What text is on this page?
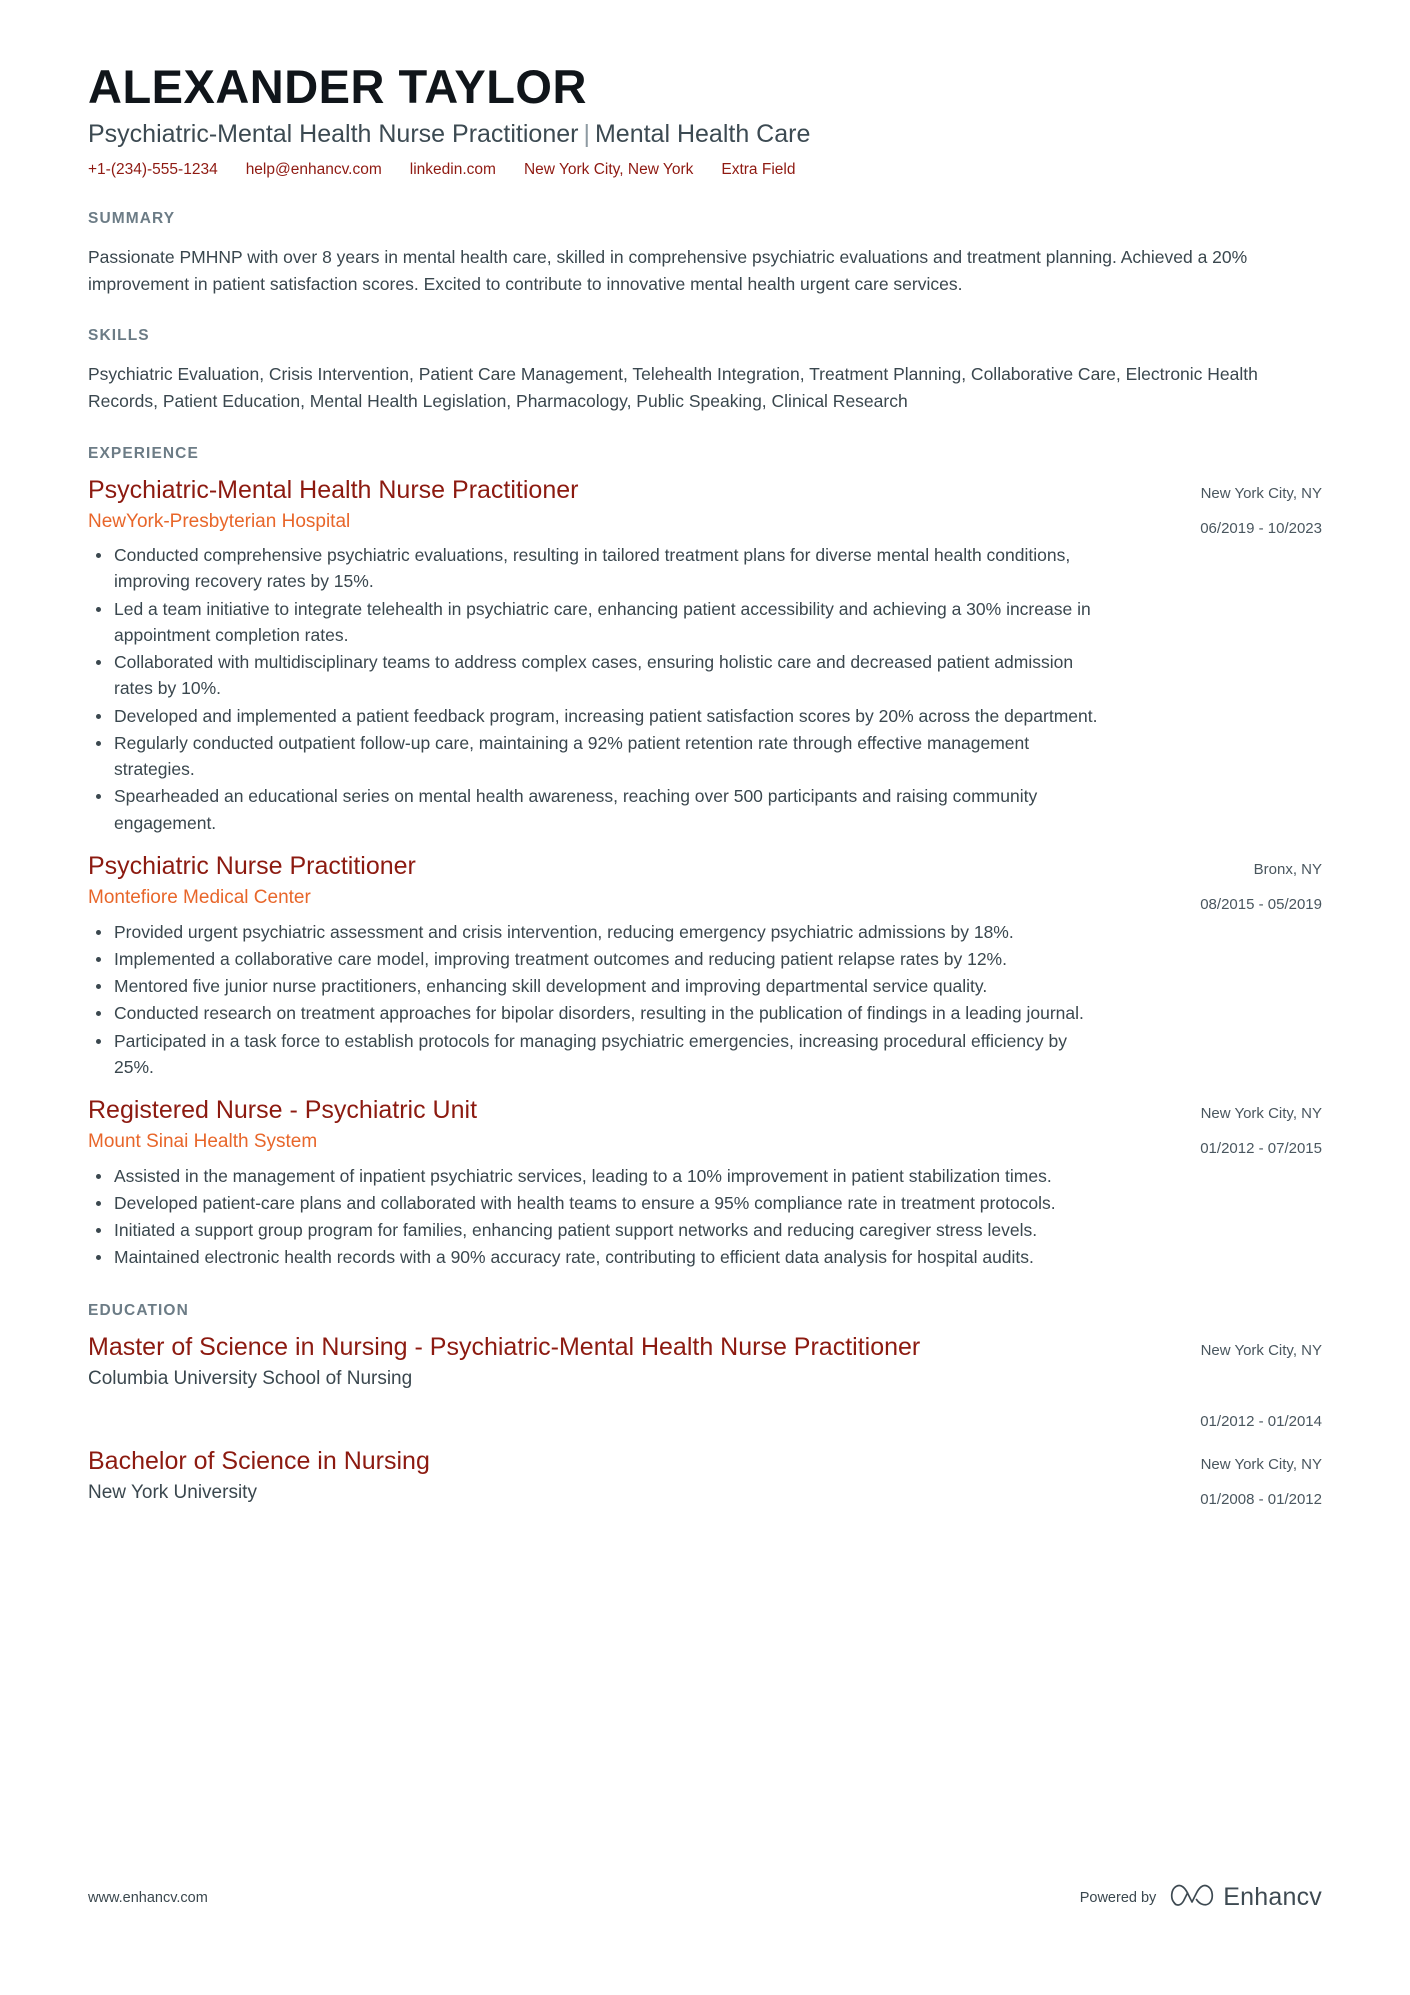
ALEXANDER TAYLOR
Psychiatric-Mental Health Nurse Practitioner | Mental Health Care
+1-(234)-555-1234 help@enhancv.com linkedin.com New York City, New York Extra Field
SUMMARY

Passionate PMHNP with over 8 years in mental health care, skilled in comprehensive psychiatric evaluations and treatment planning. Achieved a 20% improvement in patient satisfaction scores. Excited to contribute to innovative mental health urgent care services.

SKILLS

Psychiatric Evaluation, Crisis Intervention, Patient Care Management, Telehealth Integration, Treatment Planning, Collaborative Care, Electronic Health Records, Patient Education, Mental Health Legislation, Pharmacology, Public Speaking, Clinical Research

EXPERIENCE
Psychiatric-Mental Health Nurse Practitioner
NewYork-Presbyterian Hospital
Conducted comprehensive psychiatric evaluations, resulting in tailored treatment plans for diverse mental health conditions, improving recovery rates by 15%.
Led a team initiative to integrate telehealth in psychiatric care, enhancing patient accessibility and achieving a 30% increase in appointment completion rates.
Collaborated with multidisciplinary teams to address complex cases, ensuring holistic care and decreased patient admission rates by 10%.
Developed and implemented a patient feedback program, increasing patient satisfaction scores by 20% across the department.
Regularly conducted outpatient follow-up care, maintaining a 92% patient retention rate through effective management strategies.
Spearheaded an educational series on mental health awareness, reaching over 500 participants and raising community engagement.

New York City, NY

06/2019 - 10/2023

Psychiatric Nurse Practitioner
Montefiore Medical Center
Provided urgent psychiatric assessment and crisis intervention, reducing emergency psychiatric admissions by 18%.
Implemented a collaborative care model, improving treatment outcomes and reducing patient relapse rates by 12%.
Mentored five junior nurse practitioners, enhancing skill development and improving departmental service quality.
Conducted research on treatment approaches for bipolar disorders, resulting in the publication of findings in a leading journal.
Participated in a task force to establish protocols for managing psychiatric emergencies, increasing procedural efficiency by 25%.

Bronx, NY

08/2015 - 05/2019

Registered Nurse - Psychiatric Unit
Mount Sinai Health System
Assisted in the management of inpatient psychiatric services, leading to a 10% improvement in patient stabilization times.
Developed patient-care plans and collaborated with health teams to ensure a 95% compliance rate in treatment protocols.
Initiated a support group program for families, enhancing patient support networks and reducing caregiver stress levels.
Maintained electronic health records with a 90% accuracy rate, contributing to efficient data analysis for hospital audits.

New York City, NY

01/2012 - 07/2015

EDUCATION
Master of Science in Nursing - Psychiatric-Mental Health Nurse Practitioner
Columbia University School of Nursing

New York City, NY

01/2012 - 01/2014

Bachelor of Science in Nursing
New York University

New York City, NY

01/2008 - 01/2012

www.enhancv.com	Powered by	Enhancv
